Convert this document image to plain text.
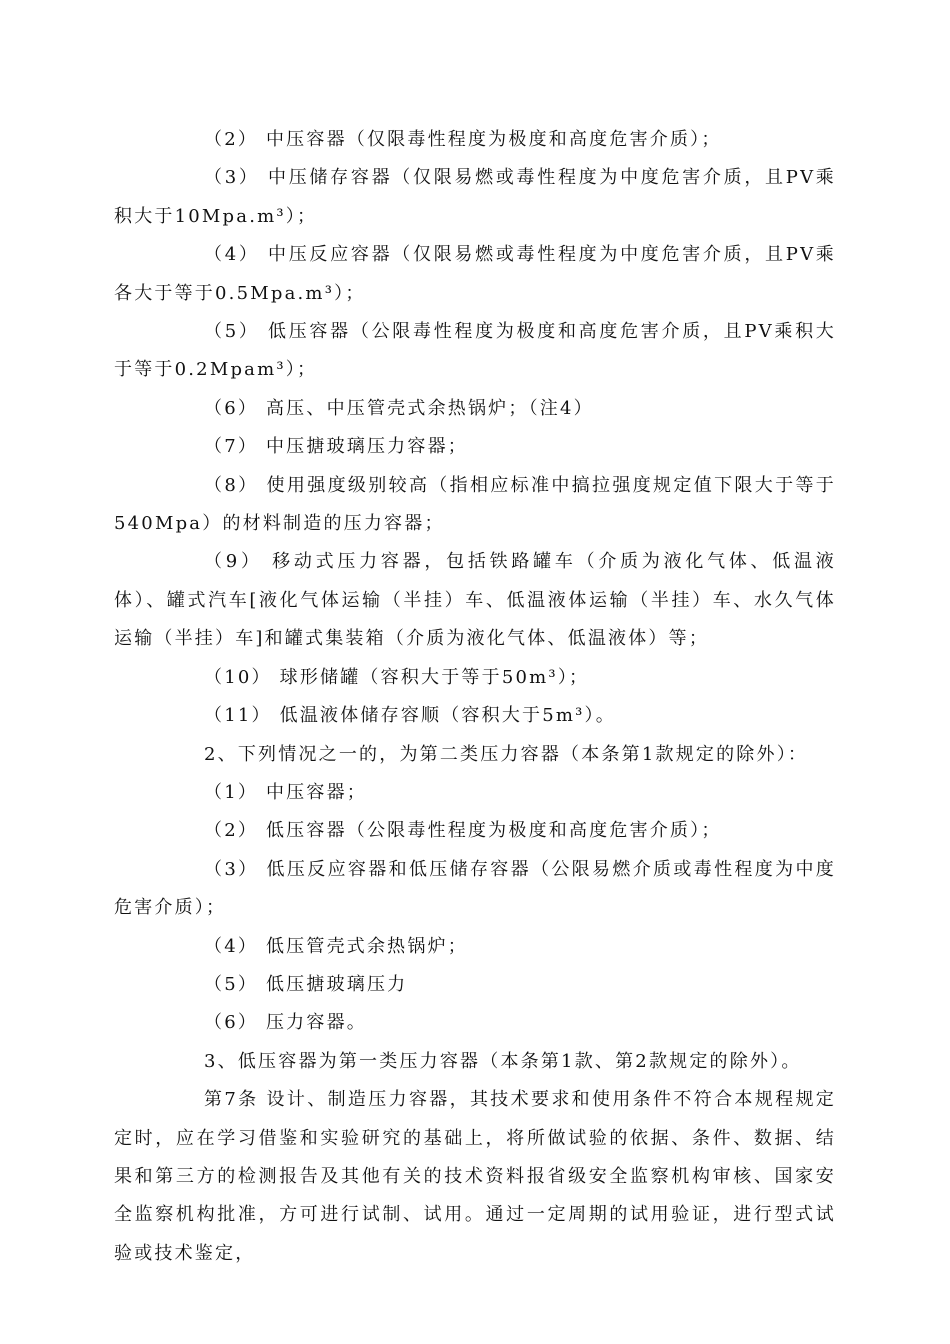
（2） 中压容器（仅限毒性程度为极度和高度危害介质）；

（3） 中压储存容器（仅限易燃或毒性程度为中度危害介质，且PV乘积大于10Mpa.m³）；

（4） 中压反应容器（仅限易燃或毒性程度为中度危害介质，且PV乘各大于等于0.5Mpa.m³）；

（5） 低压容器（公限毒性程度为极度和高度危害介质，且PV乘积大于等于0.2Mpam³）；

（6） 高压、中压管壳式余热锅炉；（注4）

（7） 中压搪玻璃压力容器；

（8） 使用强度级别较高（指相应标准中搞拉强度规定值下限大于等于540Mpa）的材料制造的压力容器；

（9） 移动式压力容器，包括铁路罐车（介质为液化气体、低温液体）、罐式汽车[液化气体运输（半挂）车、低温液体运输（半挂）车、水久气体运输（半挂）车]和罐式集装箱（介质为液化气体、低温液体）等；

（10） 球形储罐（容积大于等于50m³）；

（11） 低温液体储存容顺（容积大于5m³）。

2、下列情况之一的，为第二类压力容器（本条第1款规定的除外）：

（1） 中压容器；

（2） 低压容器（公限毒性程度为极度和高度危害介质）；

（3） 低压反应容器和低压储存容器（公限易燃介质或毒性程度为中度危害介质）；

（4） 低压管壳式余热锅炉；

（5） 低压搪玻璃压力

（6） 压力容器。

3、低压容器为第一类压力容器（本条第1款、第2款规定的除外）。

第7条 设计、制造压力容器，其技术要求和使用条件不符合本规程规定定时，应在学习借鉴和实验研究的基础上，将所做试验的依据、条件、数据、结果和第三方的检测报告及其他有关的技术资料报省级安全监察机构审核、国家安全监察机构批准，方可进行试制、试用。通过一定周期的试用验证，进行型式试验或技术鉴定，
